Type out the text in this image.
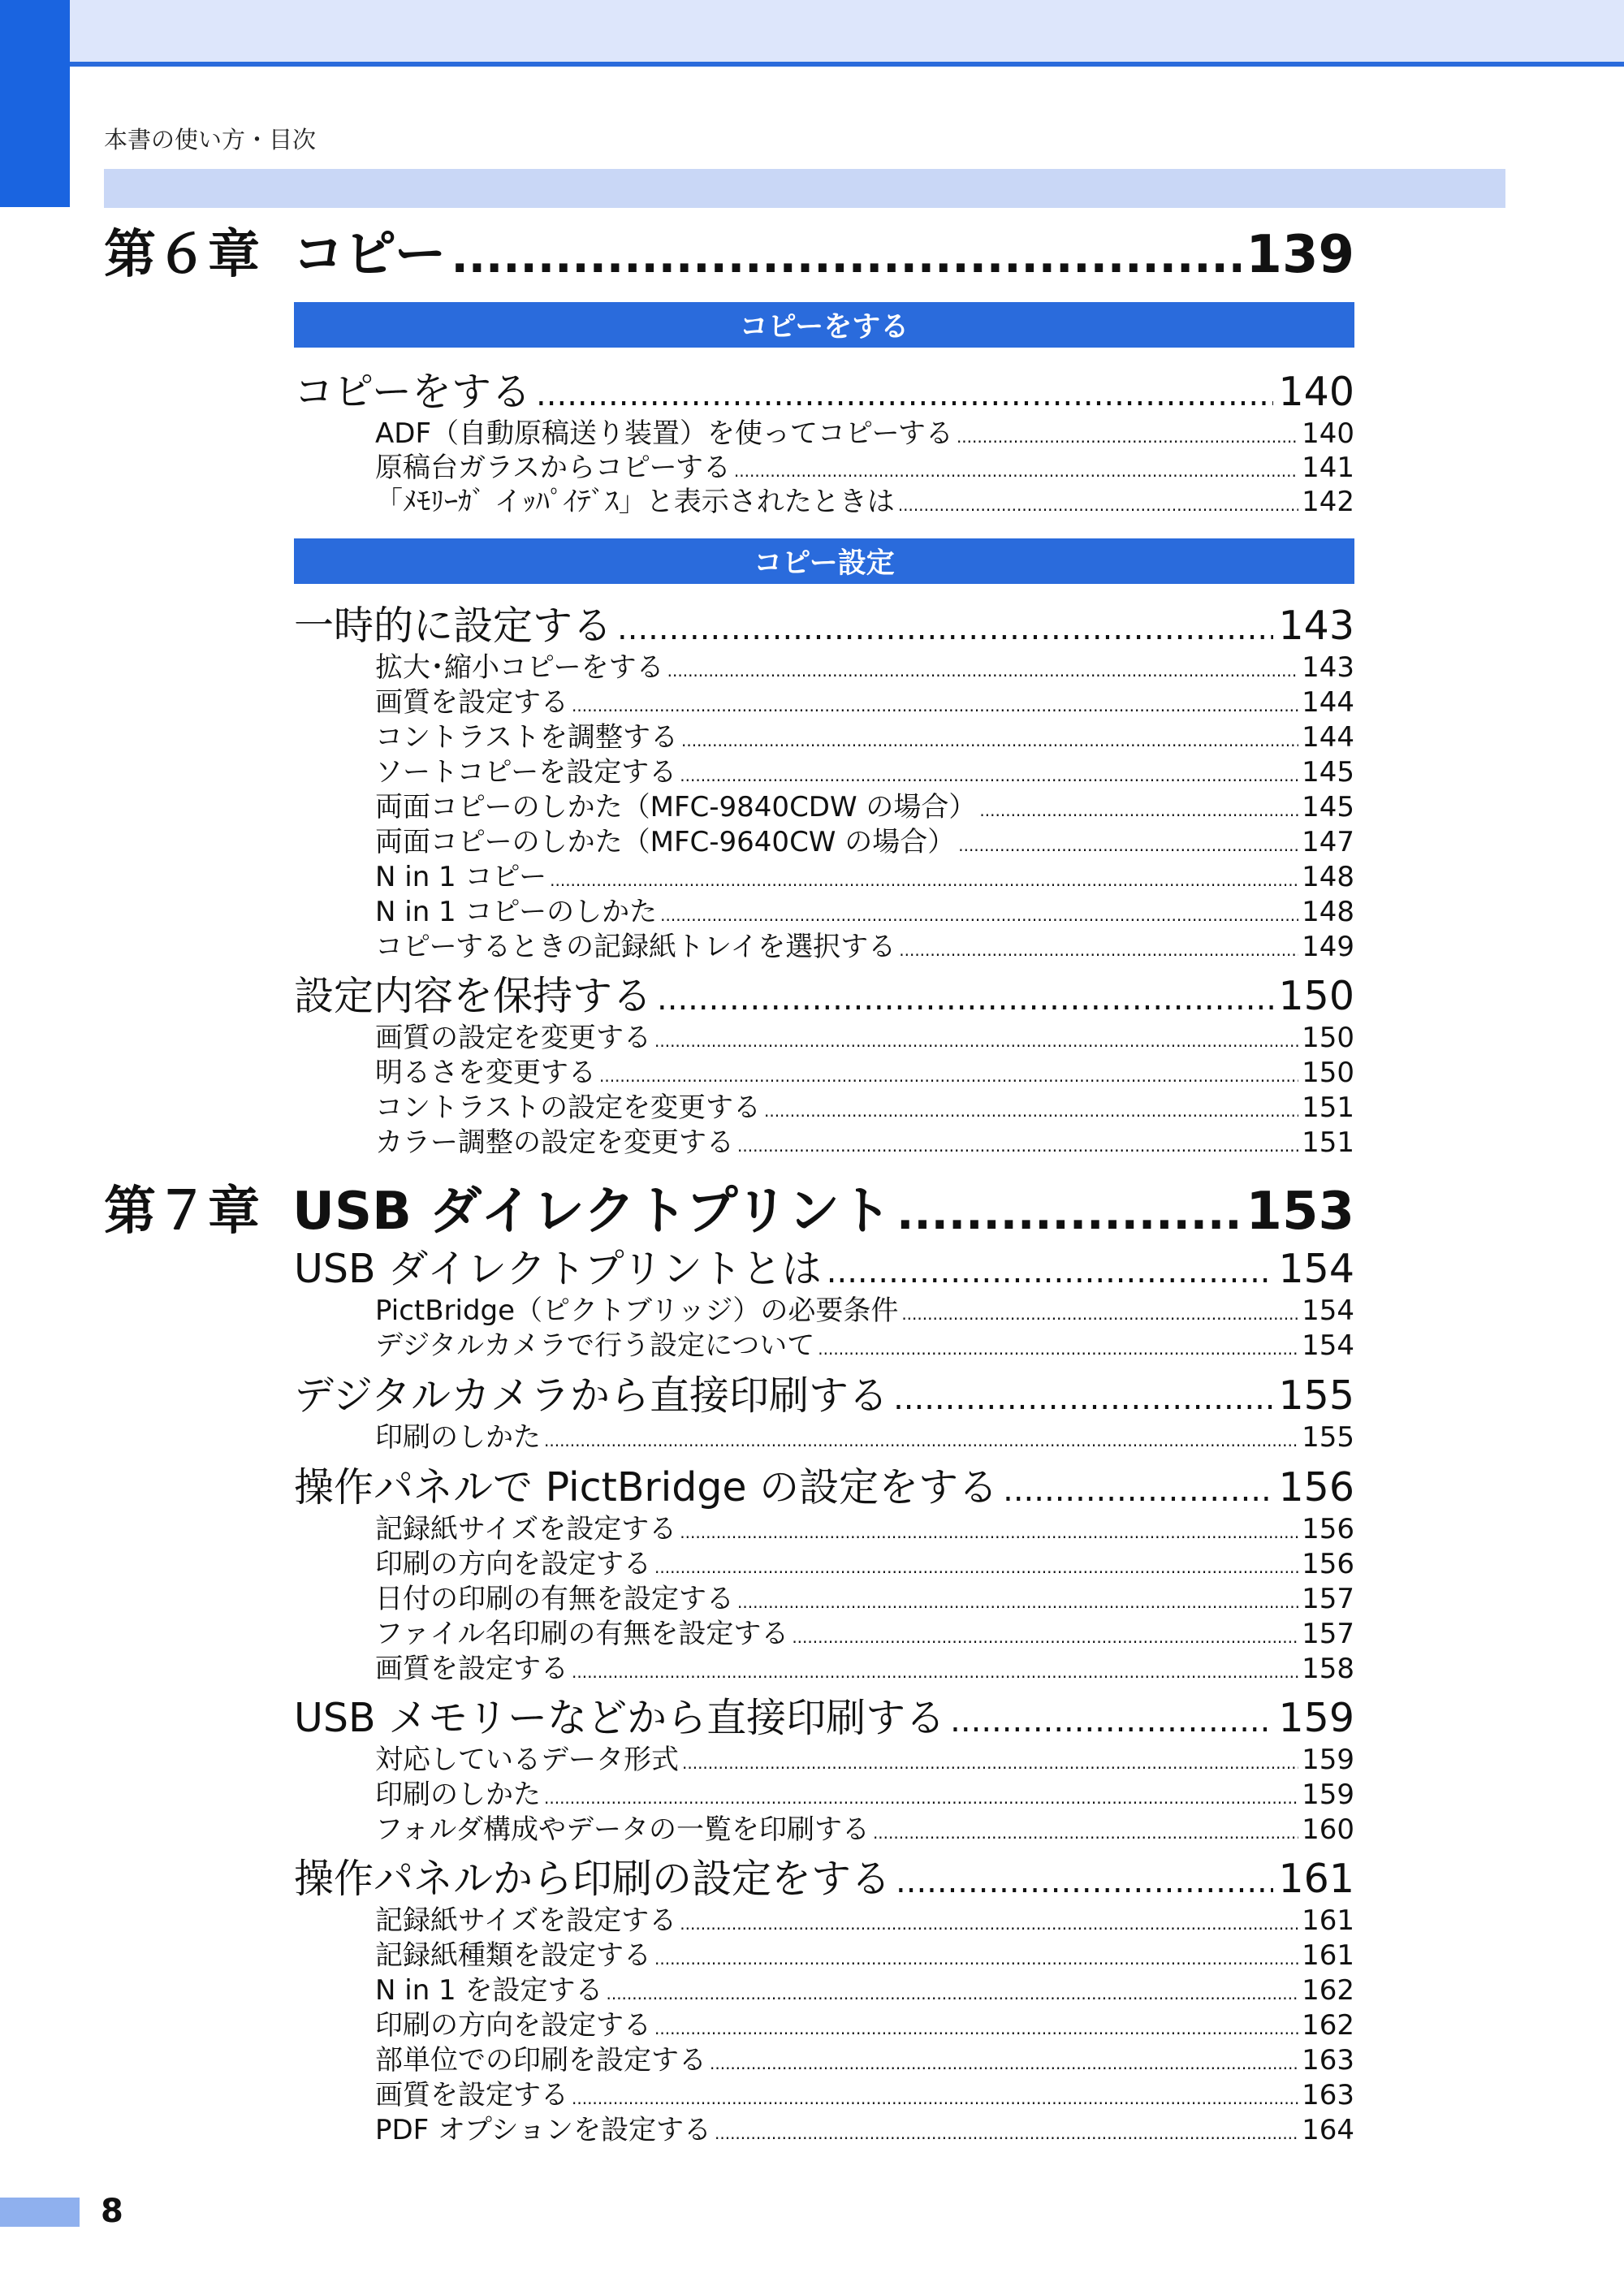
本書の使い方・目次
第６章 コピー .....	139
コピーをする
コピーをする .....	140
ADF（自動原稿送り装置）を使ってコピーする .....	140
原稿台ガラスからコピーする .....	141
「ﾒﾓﾘｰｶﾞ イｯﾊﾟｲﾃﾞｽ」と表示されたときは .....	142
コピー設定
一時的に設定する .....	143
拡大･縮小コピーをする .....	143
画質を設定する .....	144
コントラストを調整する .....	144
ソートコピーを設定する .....	145
両面コピーのしかた（MFC-9840CDW の場合） .....	145
両面コピーのしかた（MFC-9640CW の場合） .....	147
N in 1 コピー .....	148
N in 1 コピーのしかた .....	148
コピーするときの記録紙トレイを選択する .....	149
設定内容を保持する .....	150
画質の設定を変更する .....	150
明るさを変更する .....	150
コントラストの設定を変更する .....	151
カラー調整の設定を変更する .....	151
第７章 USB ダイレクトプリント .....	153
USB ダイレクトプリントとは .....	154
PictBridge（ピクトブリッジ）の必要条件 .....	154
デジタルカメラで行う設定について .....	154
デジタルカメラから直接印刷する .....	155
印刷のしかた .....	155
操作パネルで PictBridge の設定をする .....	156
記録紙サイズを設定する .....	156
印刷の方向を設定する .....	156
日付の印刷の有無を設定する .....	157
ファイル名印刷の有無を設定する .....	157
画質を設定する .....	158
USB メモリーなどから直接印刷する .....	159
対応しているデータ形式 .....	159
印刷のしかた .....	159
フォルダ構成やデータの一覧を印刷する .....	160
操作パネルから印刷の設定をする .....	161
記録紙サイズを設定する .....	161
記録紙種類を設定する .....	161
N in 1 を設定する .....	162
印刷の方向を設定する .....	162
部単位での印刷を設定する .....	163
画質を設定する .....	163
PDF オプションを設定する .....	164
8
